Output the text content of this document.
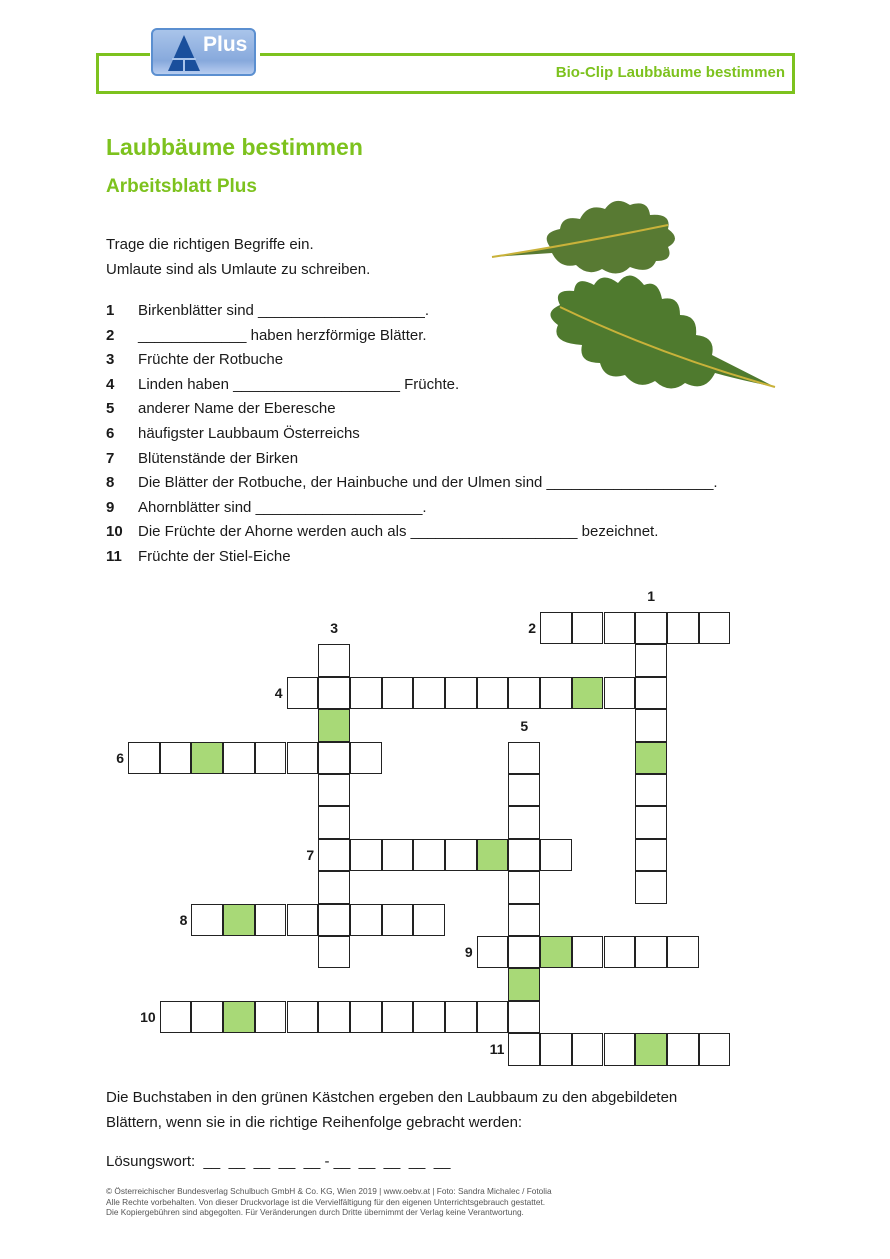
Plus
Bio-Clip Laubbäume bestimmen
Laubbäume bestimmen
Arbeitsblatt Plus
Trage die richtigen Begriffe ein.
Umlaute sind als Umlaute zu schreiben.
1 Birkenblätter sind ____________________.
2 _____________ haben herzförmige Blätter.
3 Früchte der Rotbuche
4 Linden haben ____________________ Früchte.
5 anderer Name der Eberesche
6 häufigster Laubbaum Österreichs
7 Blütenstände der Birken
8 Die Blätter der Rotbuche, der Hainbuche und der Ulmen sind ____________________.
9 Ahornblätter sind ____________________.
10 Die Früchte der Ahorne werden auch als ____________________ bezeichnet.
11 Früchte der Stiel-Eiche
1
2
3
4
5
6
7
8
9
10
11
Die Buchstaben in den grünen Kästchen ergeben den Laubbaum zu den abgebildeten
Blättern, wenn sie in die richtige Reihenfolge gebracht werden:
Lösungswort:  __  __  __  __  __ - __  __  __  __  __
© Österreichischer Bundesverlag Schulbuch GmbH & Co. KG, Wien 2019 | www.oebv.at | Foto: Sandra Michalec / Fotolia
Alle Rechte vorbehalten. Von dieser Druckvorlage ist die Vervielfältigung für den eigenen Unterrichtsgebrauch gestattet.
Die Kopiergebühren sind abgegolten. Für Veränderungen durch Dritte übernimmt der Verlag keine Verantwortung.
